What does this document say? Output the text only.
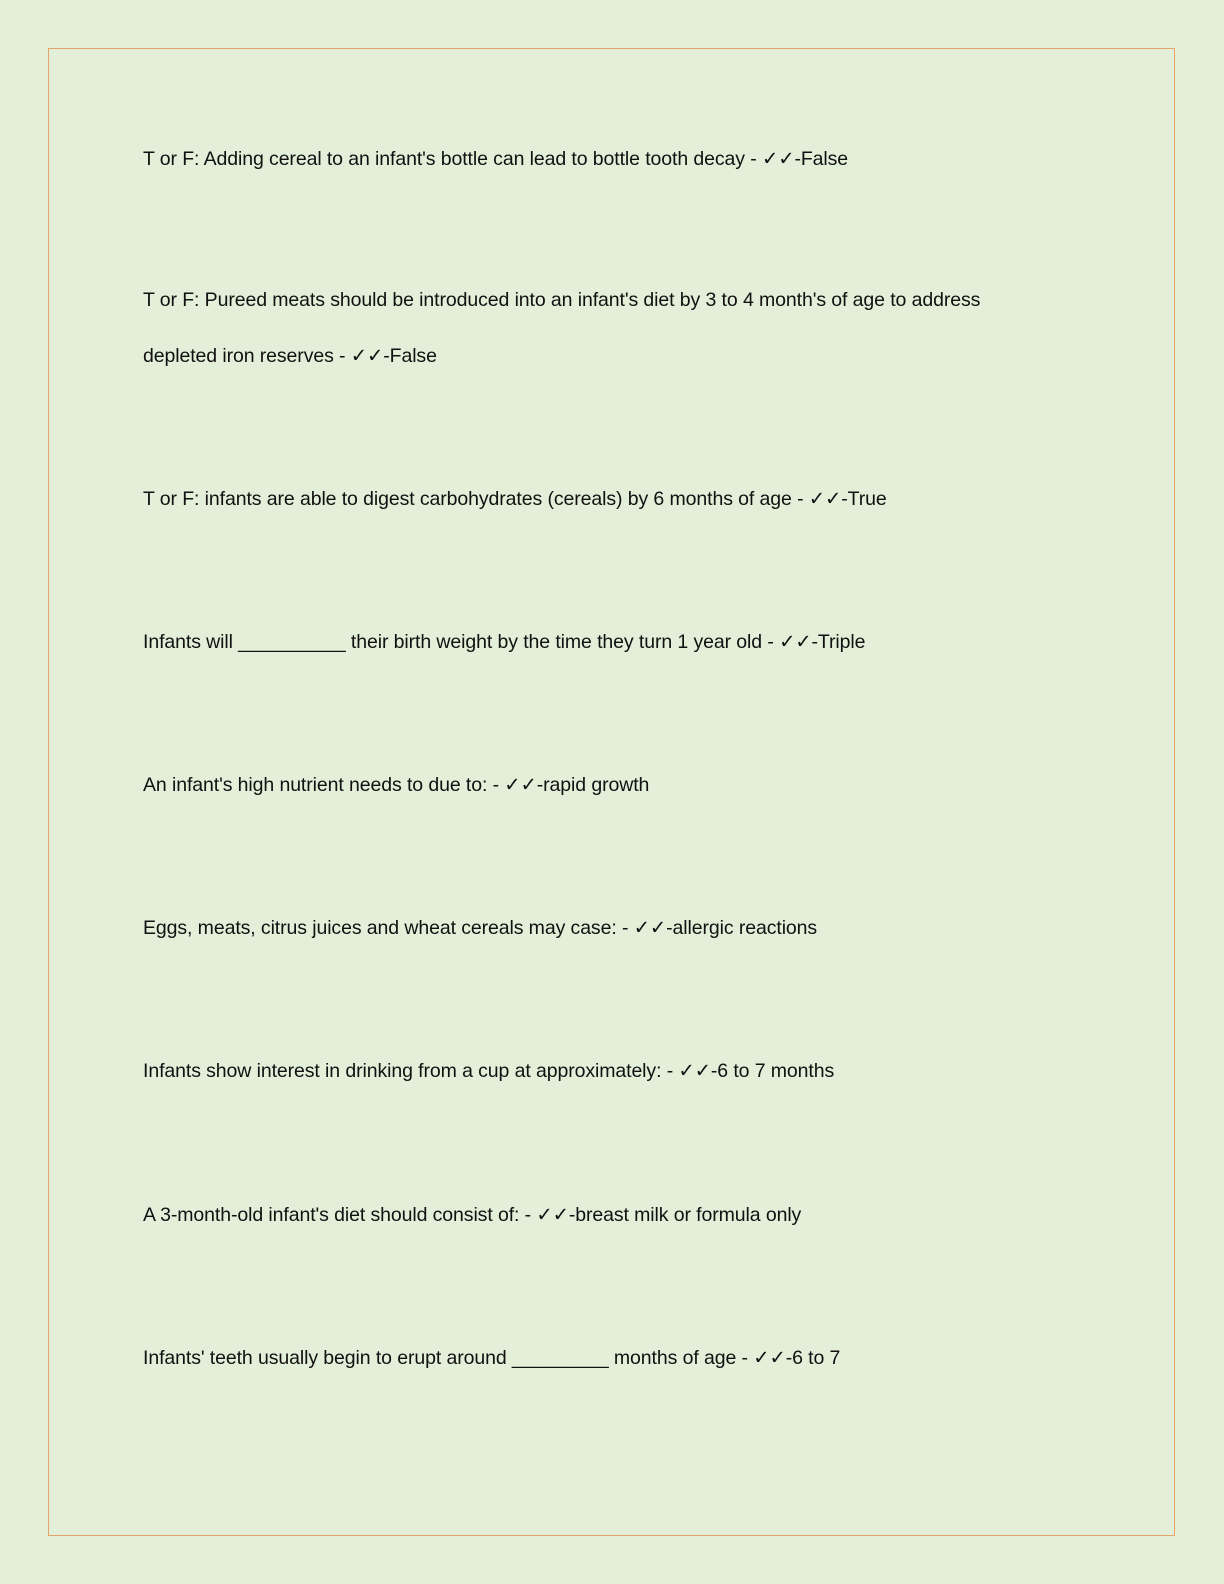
T or F: Adding cereal to an infant's bottle can lead to bottle tooth decay - ✓✓-False
T or F: Pureed meats should be introduced into an infant's diet by 3 to 4 month's of age to address
depleted iron reserves - ✓✓-False
T or F: infants are able to digest carbohydrates (cereals) by 6 months of age - ✓✓-True
Infants will __________ their birth weight by the time they turn 1 year old - ✓✓-Triple
An infant's high nutrient needs to due to: - ✓✓-rapid growth
Eggs, meats, citrus juices and wheat cereals may case: - ✓✓-allergic reactions
Infants show interest in drinking from a cup at approximately: - ✓✓-6 to 7 months
A 3-month-old infant's diet should consist of: - ✓✓-breast milk or formula only
Infants' teeth usually begin to erupt around _________ months of age - ✓✓-6 to 7
